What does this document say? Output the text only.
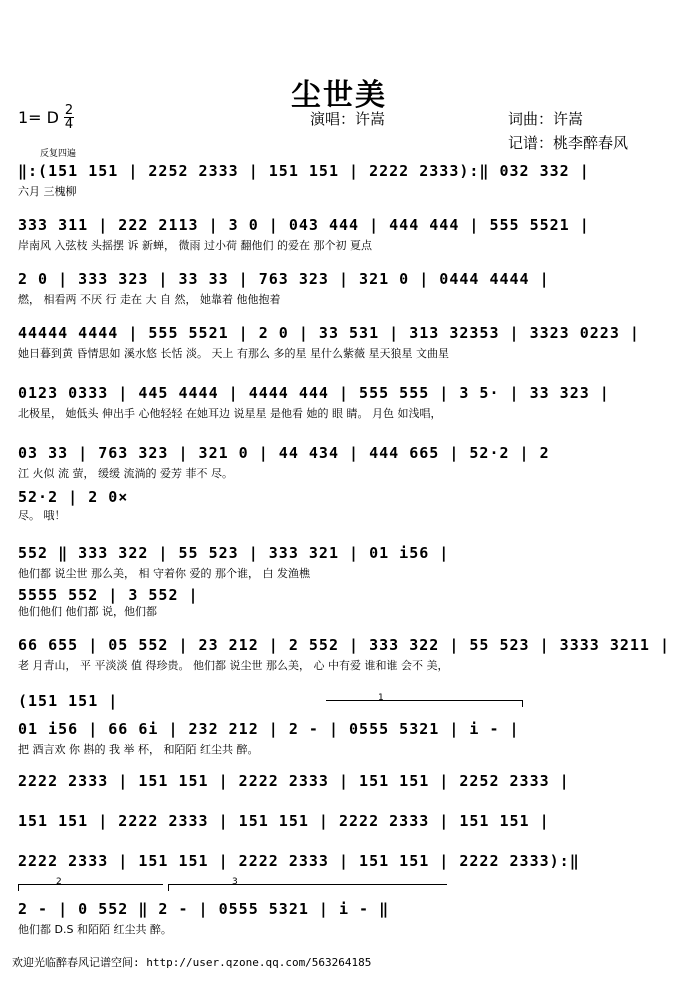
尘世美
演唱：许嵩	词曲：许嵩
记谱：桃李醉春风
1= D 2
4
反复四遍
‖:(151 151 | 2252 2333 | 151 151 | 2222 2333):‖ 032 332 |
六月 三槐柳
333 311 | 222 2113 | 3 0 | 043 444 | 444 444 | 555 5521 |
岸南风 入弦枝 头摇摆 诉 新蝉， 微雨 过小荷 翻他们 的爱在 那个初 夏点
2 0 | 333 323 | 33 33 | 763 323 | 321 0 | 0444 4444 |
燃， 相看两 不厌 行 走在 大 自 然， 她靠着 他他抱着
44444 4444 | 555 5521 | 2 0 | 33 531 | 313 32353 | 3323 0223 |
她日暮到黄 昏情思如 溪水悠 长恬 淡。 天上 有那么 多的星 星什么紫薇 星天狼星 文曲星
0123 0333 | 445 4444 | 4444 444 | 555 555 | 3 5· | 33 323 |
北极星， 她低头 伸出手 心他轻轻 在她耳边 说星星 是他看 她的 眼 睛。 月色 如浅唱，
03 33 | 763 323 | 321 0 | 44 434 | 444 665 | 52·2 | 2
江 火似 流 萤， 缓缓 流淌的 爱芳 菲不 尽。
52·2 | 2 0×
尽。 哦！
552 ‖ 333 322 | 55 523 | 333 321 | 01 i56 |
他们都 说尘世 那么美， 相 守着你 爱的 那个谁， 白 发渔樵
5555 552 | 3 552 |
他们他们 他们都 说，他们都
66 655 | 05 552 | 23 212 | 2 552 | 333 322 | 55 523 | 3333 3211 |
老 月青山， 平 平淡淡 值 得珍贵。 他们都 说尘世 那么美， 心 中有爱 谁和谁 会不 美，
1
(151 151 |
01 i56 | 66 6i | 232 212 | 2 - | 0555 5321 | i - |
把 酒言欢 你 斟的 我 举 杯， 和陌陌 红尘共 醉。
2222 2333 | 151 151 | 2222 2333 | 151 151 | 2252 2333 |
151 151 | 2222 2333 | 151 151 | 2222 2333 | 151 151 |
2222 2333 | 151 151 | 2222 2333 | 151 151 | 2222 2333):‖
2	3
2 - | 0 552 ‖ 2 - | 0555 5321 | i - ‖
他们都 D.S 和陌陌 红尘共 醉。
欢迎光临醉春风记谱空间: http://user.qzone.qq.com/563264185
